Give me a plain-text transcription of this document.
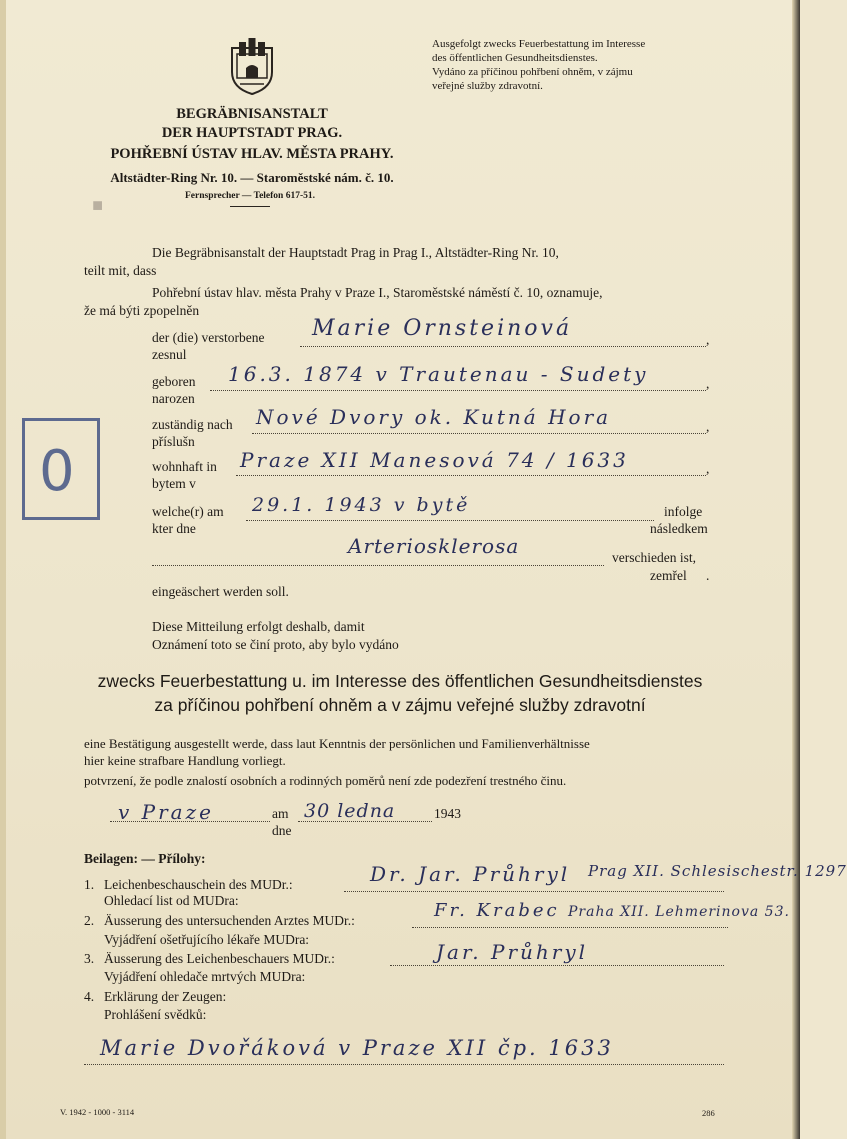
Ausgefolgt zwecks Feuerbestattung im Interesse
des öffentlichen Gesundheitsdienstes.
Vydáno za příčinou pohřbení ohněm, v zájmu
veřejné služby zdravotní.
BEGRÄBNISANSTALT
DER HAUPTSTADT PRAG.
POHŘEBNÍ ÚSTAV HLAV. MĚSTA PRAHY.
Altstädter-Ring Nr. 10. — Staroměstské nám. č. 10.
Fernsprecher — Telefon 617-51.
■
Die Begräbnisanstalt der Hauptstadt Prag in Prag I., Altstädter-Ring Nr. 10,
teilt mit, dass
Pohřební ústav hlav. města Prahy v Praze I., Staroměstské náměstí č. 10, oznamuje,
že má býti zpopelněn
der (die) verstorbene
zesnul
,
Marie Ornsteinová
geboren
narozen
,
16.3. 1874 v Trautenau - Sudety
zuständig nach
příslušn
,
Nové Dvory ok. Kutná Hora
wohnhaft in
bytem v
,
Praze XII Manesová 74 / 1633
welche(r) am
kter dne
29.1. 1943 v bytě	infolge
následkem
Arteriosklerosa	verschieden ist,
zemřel .
eingeäschert werden soll.
0
Diese Mitteilung erfolgt deshalb, damit
Oznámení toto se činí proto, aby bylo vydáno
zwecks Feuerbestattung u. im Interesse des öffentlichen Gesundheitsdienstes
za příčinou pohřbení ohněm a v zájmu veřejné služby zdravotní
eine Bestätigung ausgestellt werde, dass laut Kenntnis der persönlichen und Familienverhältnisse
hier keine strafbare Handlung vorliegt.
potvrzení, že podle znalostí osobních a rodinných poměrů není zde podezření trestného činu.
v Praze	am
dne
30 ledna	1943
Beilagen: — Přílohy:
1. Leichenbeschauschein des MUDr.:
Ohledací list od MUDra:
Dr. Jar. Průhryl Prag XII. Schlesischestr. 1297
2. Äusserung des untersuchenden Arztes MUDr.:
Vyjádření ošetřujícího lékaře MUDra:
Fr. Krabec Praha XII. Lehmerinova 53.
3. Äusserung des Leichenbeschauers MUDr.:
Vyjádření ohledače mrtvých MUDra:
Jar. Průhryl
4. Erklärung der Zeugen:
Prohlášení svědků:
Marie Dvořáková v Praze XII čp. 1633
V. 1942 - 1000 - 3114	286
